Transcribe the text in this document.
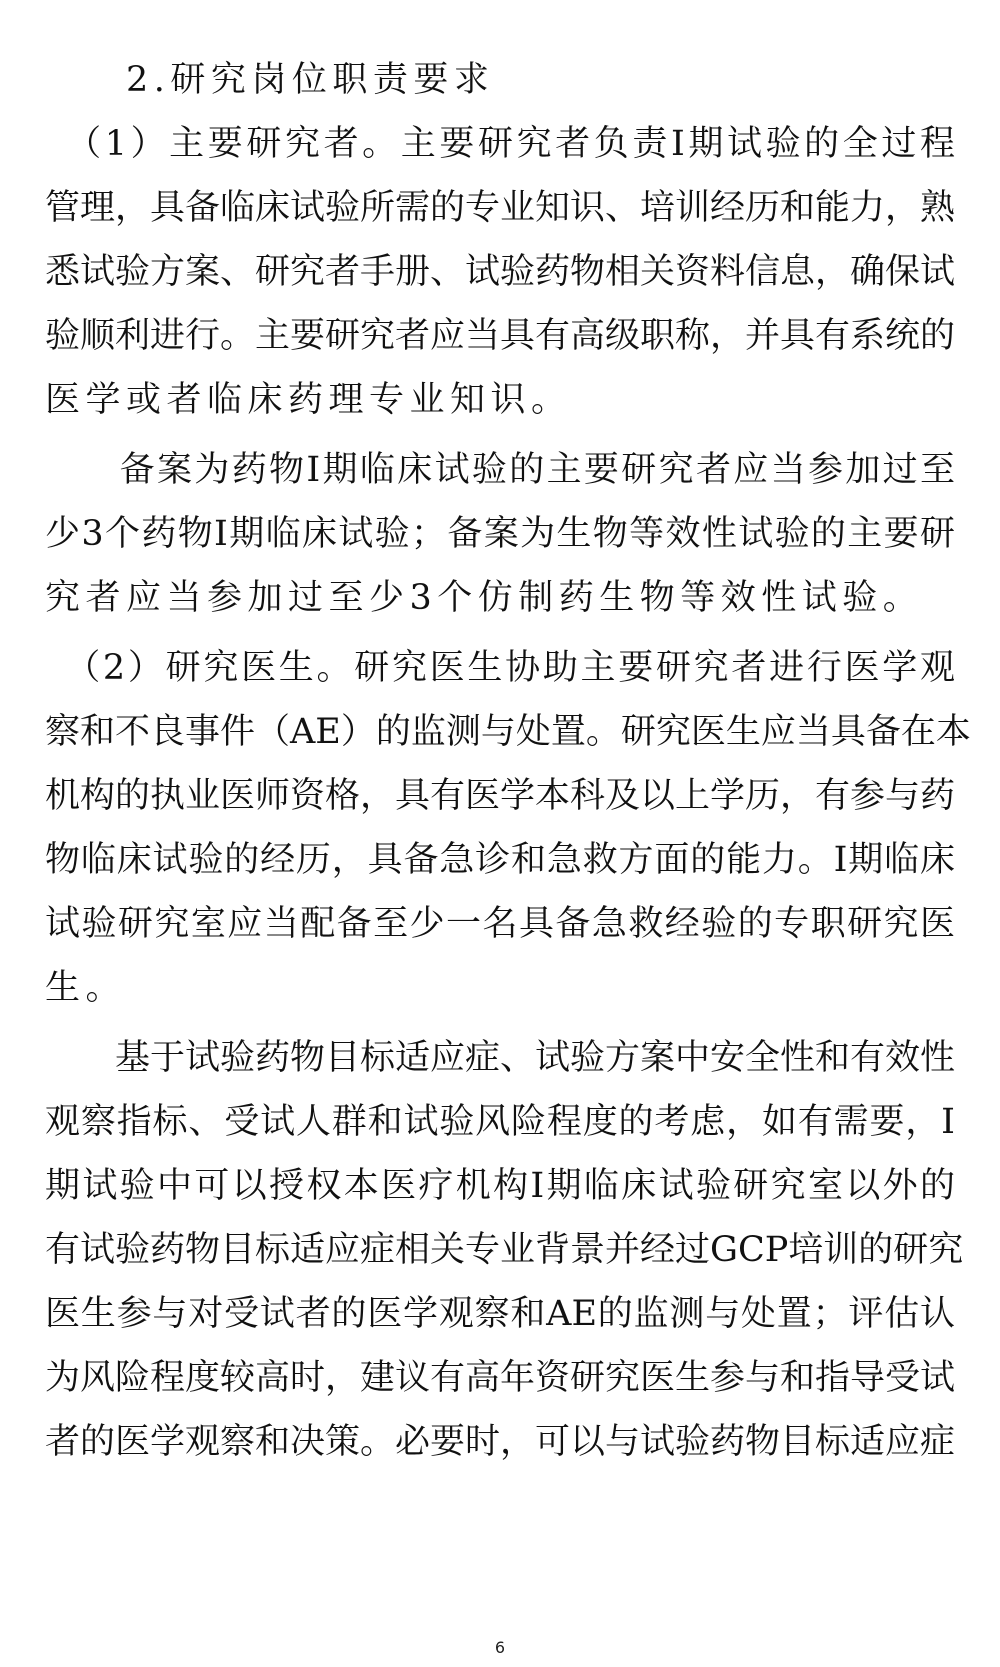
　　2.研究岗位职责要求
　（1）主要研究者。主要研究者负责Ⅰ期试验的全过程
管理，具备临床试验所需的专业知识、培训经历和能力，熟
悉试验方案、研究者手册、试验药物相关资料信息，确保试
验顺利进行。主要研究者应当具有高级职称，并具有系统的
医学或者临床药理专业知识。
　　备案为药物Ⅰ期临床试验的主要研究者应当参加过至
少3个药物Ⅰ期临床试验；备案为生物等效性试验的主要研
究者应当参加过至少3个仿制药生物等效性试验。
　（2）研究医生。研究医生协助主要研究者进行医学观
察和不良事件（AE）的监测与处置。研究医生应当具备在本
机构的执业医师资格，具有医学本科及以上学历，有参与药
物临床试验的经历，具备急诊和急救方面的能力。Ⅰ期临床
试验研究室应当配备至少一名具备急救经验的专职研究医
生。
　　基于试验药物目标适应症、试验方案中安全性和有效性
观察指标、受试人群和试验风险程度的考虑，如有需要，Ⅰ
期试验中可以授权本医疗机构Ⅰ期临床试验研究室以外的
有试验药物目标适应症相关专业背景并经过GCP培训的研究
医生参与对受试者的医学观察和AE的监测与处置；评估认
为风险程度较高时，建议有高年资研究医生参与和指导受试
者的医学观察和决策。必要时，可以与试验药物目标适应症
6
